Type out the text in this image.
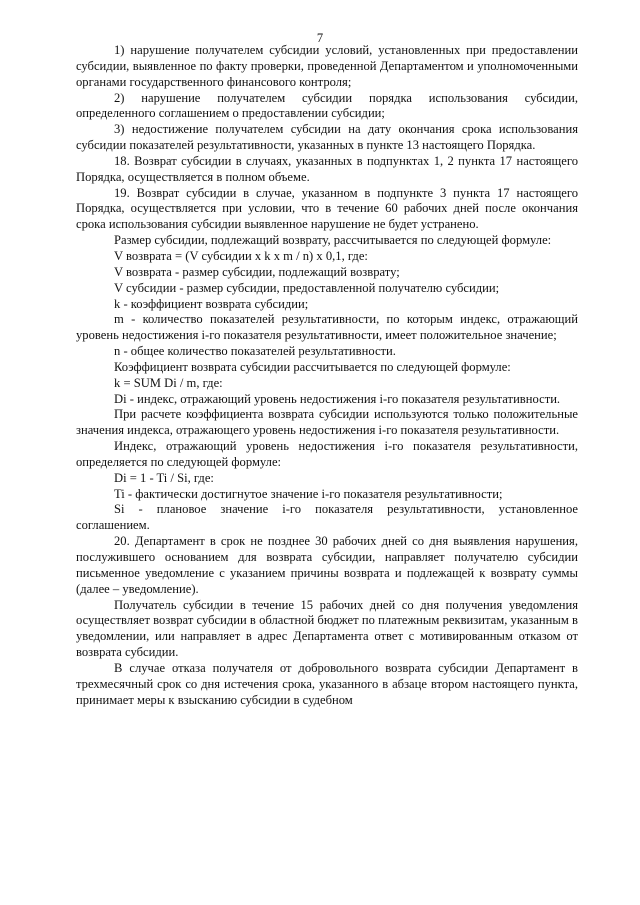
7

1) нарушение получателем субсидии условий, установленных при предоставлении субсидии, выявленное по факту проверки, проведенной Департаментом и уполномоченными органами государственного финансового контроля;

2) нарушение получателем субсидии порядка использования субсидии, определенного соглашением о предоставлении субсидии;

3) недостижение получателем субсидии на дату окончания срока использования субсидии показателей результативности, указанных в пункте 13 настоящего Порядка.

18. Возврат субсидии в случаях, указанных в подпунктах 1, 2 пункта 17 настоящего Порядка, осуществляется в полном объеме.

19. Возврат субсидии в случае, указанном в подпункте 3 пункта 17 настоящего Порядка, осуществляется при условии, что в течение 60 рабочих дней после окончания срока использования субсидии выявленное нарушение не будет устранено.

Размер субсидии, подлежащий возврату, рассчитывается по следующей формуле:

V возврата = (V субсидии x k x m / n) x 0,1, где:

V возврата - размер субсидии, подлежащий возврату;

V субсидии - размер субсидии, предоставленной получателю субсидии;

k - коэффициент возврата субсидии;

m - количество показателей результативности, по которым индекс, отражающий уровень недостижения i-го показателя результативности, имеет положительное значение;

n - общее количество показателей результативности.

Коэффициент возврата субсидии рассчитывается по следующей формуле:

k = SUM Di / m, где:

Di - индекс, отражающий уровень недостижения i-го показателя результативности.

При расчете коэффициента возврата субсидии используются только положительные значения индекса, отражающего уровень недостижения i-го показателя результативности.

Индекс, отражающий уровень недостижения i-го показателя результативности, определяется по следующей формуле:

Di = 1 - Ti / Si, где:

Ti - фактически достигнутое значение i-го показателя результативности;

Si - плановое значение i-го показателя результативности, установленное соглашением.

20. Департамент в срок не позднее 30 рабочих дней со дня выявления нарушения, послужившего основанием для возврата субсидии, направляет получателю субсидии письменное уведомление с указанием причины возврата и подлежащей к возврату суммы (далее – уведомление).

Получатель субсидии в течение 15 рабочих дней со дня получения уведомления осуществляет возврат субсидии в областной бюджет по платежным реквизитам, указанным в уведомлении, или направляет в адрес Департамента ответ с мотивированным отказом от возврата субсидии.

В случае отказа получателя от добровольного возврата субсидии Департамент в трехмесячный срок со дня истечения срока, указанного в абзаце втором настоящего пункта, принимает меры к взысканию субсидии в судебном
